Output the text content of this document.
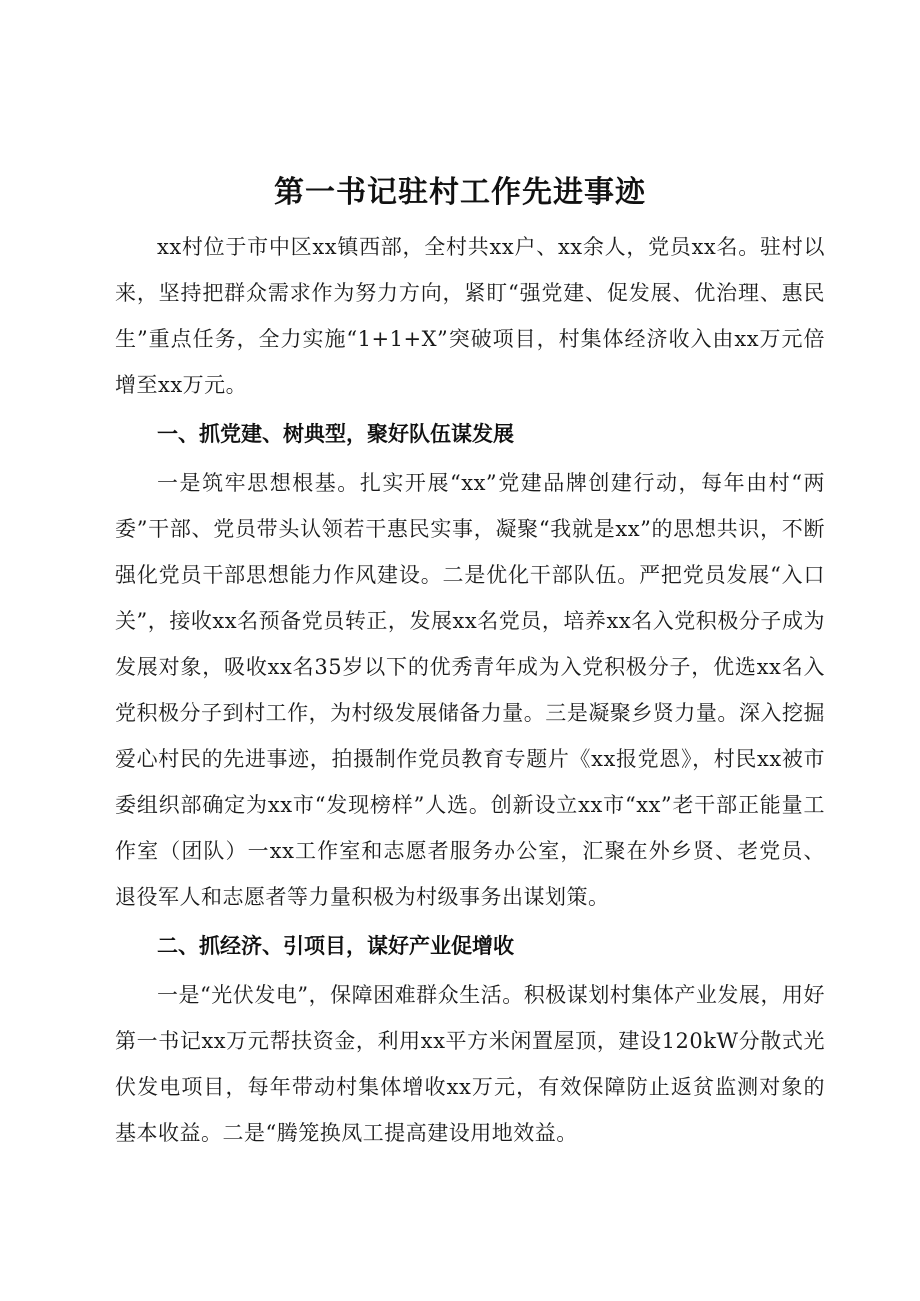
第一书记驻村工作先进事迹

xx村位于市中区xx镇西部，全村共xx户、xx余人，党员xx名。驻村以来，坚持把群众需求作为努力方向，紧盯“强党建、促发展、优治理、惠民生”重点任务，全力实施“1+1+X”突破项目，村集体经济收入由xx万元倍增至xx万元。

一、抓党建、树典型，聚好队伍谋发展

一是筑牢思想根基。扎实开展“xx”党建品牌创建行动，每年由村“两委”干部、党员带头认领若干惠民实事，凝聚“我就是xx”的思想共识，不断强化党员干部思想能力作风建设。二是优化干部队伍。严把党员发展“入口关”，接收xx名预备党员转正，发展xx名党员，培养xx名入党积极分子成为发展对象，吸收xx名35岁以下的优秀青年成为入党积极分子，优选xx名入党积极分子到村工作，为村级发展储备力量。三是凝聚乡贤力量。深入挖掘爱心村民的先进事迹，拍摄制作党员教育专题片《xx报党恩》，村民xx被市委组织部确定为xx市“发现榜样”人选。创新设立xx市“xx”老干部正能量工作室（团队）一xx工作室和志愿者服务办公室，汇聚在外乡贤、老党员、退役军人和志愿者等力量积极为村级事务出谋划策。

二、抓经济、引项目，谋好产业促增收

一是“光伏发电”，保障困难群众生活。积极谋划村集体产业发展，用好第一书记xx万元帮扶资金，利用xx平方米闲置屋顶，建设120kW分散式光伏发电项目，每年带动村集体增收xx万元，有效保障防止返贫监测对象的基本收益。二是“腾笼换凤工提高建设用地效益。
